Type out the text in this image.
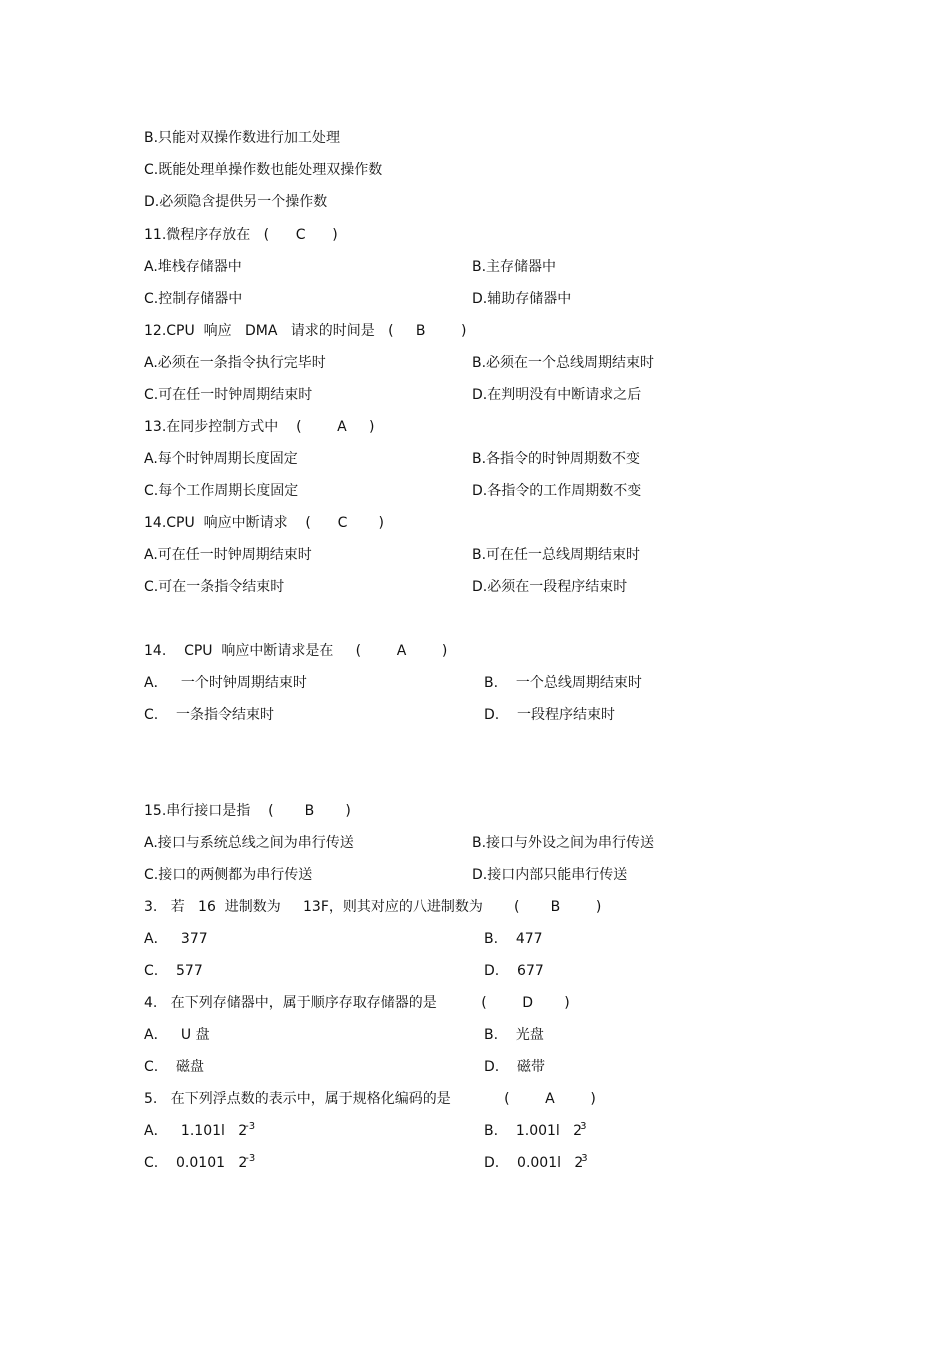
B.只能对双操作数进行加工处理
C.既能处理单操作数也能处理双操作数
D.必须隐含提供另一个操作数
11.微程序存放在   (      C      )
A.堆栈存储器中	B.主存储器中
C.控制存储器中	D.辅助存储器中
12.CPU  响应   DMA   请求的时间是   (     B        )
A.必须在一条指令执行完毕时	B.必须在一个总线周期结束时
C.可在任一时钟周期结束时	D.在判明没有中断请求之后
13.在同步控制方式中    (        A     )
A.每个时钟周期长度固定	B.各指令的时钟周期数不变
C.每个工作周期长度固定	D.各指令的工作周期数不变
14.CPU  响应中断请求    (      C       )
A.可在任一时钟周期结束时	B.可在任一总线周期结束时
C.可在一条指令结束时	D.必须在一段程序结束时
14.    CPU  响应中断请求是在     (        A        )
A．   一个时钟周期结束时	B.    一个总线周期结束时
C.    一条指令结束时	D.    一段程序结束时
15.串行接口是指    (       B       )
A.接口与系统总线之间为串行传送	B.接口与外设之间为串行传送
C.接口的两侧都为串行传送	D.接口内部只能串行传送
3.   若   16  进制数为     13F，则其对应的八进制数为       (       B        )
A．   377	B.    477
C.    577	D.    677
4.   在下列存储器中，属于顺序存取存储器的是          (        D       )
A．   U 盘	B.    光盘
C.    磁盘	D.    磁带
5.   在下列浮点数的表示中，属于规格化编码的是            (        A        )
A．   1.101l   $2^{-3}$	B.    1.001l   $2^3$
C.    0.0101   $2^{-3}$	D.    0.001l   $2^3$
